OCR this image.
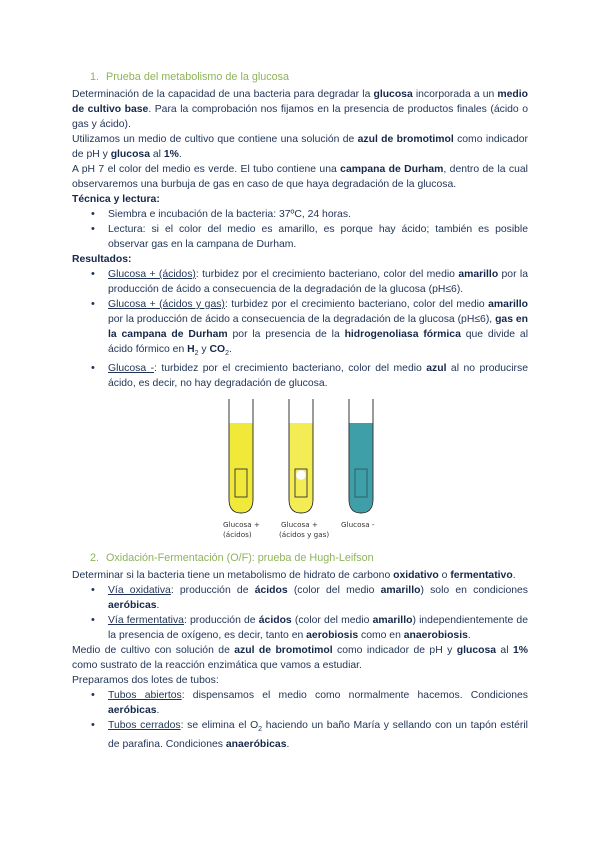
1. Prueba del metabolismo de la glucosa

Determinación de la capacidad de una bacteria para degradar la glucosa incorporada a un medio de cultivo base. Para la comprobación nos fijamos en la presencia de productos finales (ácido o gas y ácido).

Utilizamos un medio de cultivo que contiene una solución de azul de bromotimol como indicador de pH y glucosa al 1%.

A pH 7 el color del medio es verde. El tubo contiene una campana de Durham, dentro de la cual observaremos una burbuja de gas en caso de que haya degradación de la glucosa.

Técnica y lectura:

• Siembra e incubación de la bacteria: 37ºC, 24 horas.
• Lectura: si el color del medio es amarillo, es porque hay ácido; también es posible observar gas en la campana de Durham.

Resultados:

• Glucosa + (ácidos): turbidez por el crecimiento bacteriano, color del medio amarillo por la producción de ácido a consecuencia de la degradación de la glucosa (pH≤6).
• Glucosa + (ácidos y gas): turbidez por el crecimiento bacteriano, color del medio amarillo por la producción de ácido a consecuencia de la degradación de la glucosa (pH≤6), gas en la campana de Durham por la presencia de la hidrogenoliasa fórmica que divide al ácido fórmico en $H_2$ y $CO_2$.
• Glucosa -: turbidez por el crecimiento bacteriano, color del medio azul al no producirse ácido, es decir, no hay degradación de glucosa.
Glucosa +
(ácidos)
Glucosa +
(ácidos y gas)
Glucosa -
2. Oxidación-Fermentación (O/F): prueba de Hugh-Leifson

Determinar si la bacteria tiene un metabolismo de hidrato de carbono oxidativo o fermentativo.

• Vía oxidativa: producción de ácidos (color del medio amarillo) solo en condiciones aeróbicas.
• Vía fermentativa: producción de ácidos (color del medio amarillo) independientemente de la presencia de oxígeno, es decir, tanto en aerobiosis como en anaerobiosis.

Medio de cultivo con solución de azul de bromotimol como indicador de pH y glucosa al 1% como sustrato de la reacción enzimática que vamos a estudiar.

Preparamos dos lotes de tubos:

• Tubos abiertos: dispensamos el medio como normalmente hacemos. Condiciones aeróbicas.
• Tubos cerrados: se elimina el $O_2$ haciendo un baño María y sellando con un tapón estéril de parafina. Condiciones anaeróbicas.
